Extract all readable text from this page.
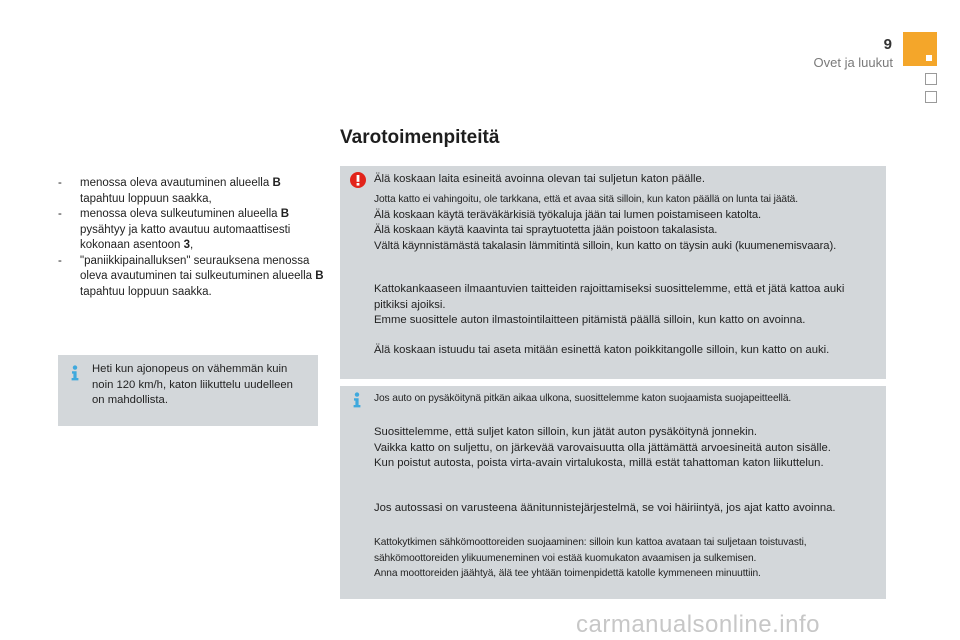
9
Ovet ja luukut
Varotoimenpiteitä
- menossa oleva avautuminen alueella B tapahtuu loppuun saakka,
- menossa oleva sulkeutuminen alueella B pysähtyy ja katto avautuu automaattisesti kokonaan asentoon 3,
- "paniikkipainalluksen" seurauksena menossa oleva avautuminen tai sulkeutuminen alueella B tapahtuu loppuun saakka.
Heti kun ajonopeus on vähemmän kuin noin 120 km/h, katon liikuttelu uudelleen on mahdollista.
Älä koskaan laita esineitä avoinna olevan tai suljetun katon päälle.
Jotta katto ei vahingoitu, ole tarkkana, että et avaa sitä silloin, kun katon päällä on lunta tai jäätä.
Älä koskaan käytä teräväkärkisiä työkaluja jään tai lumen poistamiseen katolta.
Älä koskaan käytä kaavinta tai spraytuotetta jään poistoon takalasista.
Vältä käynnistämästä takalasin lämmitintä silloin, kun katto on täysin auki (kuumenemisvaara).
Kattokankaaseen ilmaantuvien taitteiden rajoittamiseksi suosittelemme, että et jätä kattoa auki pitkiksi ajoiksi.
Emme suosittele auton ilmastointilaitteen pitämistä päällä silloin, kun katto on avoinna.
Älä koskaan istuudu tai aseta mitään esinettä katon poikkitangolle silloin, kun katto on auki.
Jos auto on pysäköitynä pitkän aikaa ulkona, suosittelemme katon suojaamista suojapeitteellä.
Suosittelemme, että suljet katon silloin, kun jätät auton pysäköitynä jonnekin.
Vaikka katto on suljettu, on järkevää varovaisuutta olla jättämättä arvoesineitä auton sisälle.
Kun poistut autosta, poista virta-avain virtalukosta, millä estät tahattoman katon liikuttelun.
Jos autossasi on varusteena äänitunnistejärjestelmä, se voi häiriintyä, jos ajat katto avoinna.
Kattokytkimen sähkömoottoreiden suojaaminen: silloin kun kattoa avataan tai suljetaan toistuvasti, sähkömoottoreiden ylikuumeneminen voi estää kuomukaton avaamisen ja sulkemisen.
Anna moottoreiden jäähtyä, älä tee yhtään toimenpidettä katolle kymmeneen minuuttiin.
carmanualsonline.info
